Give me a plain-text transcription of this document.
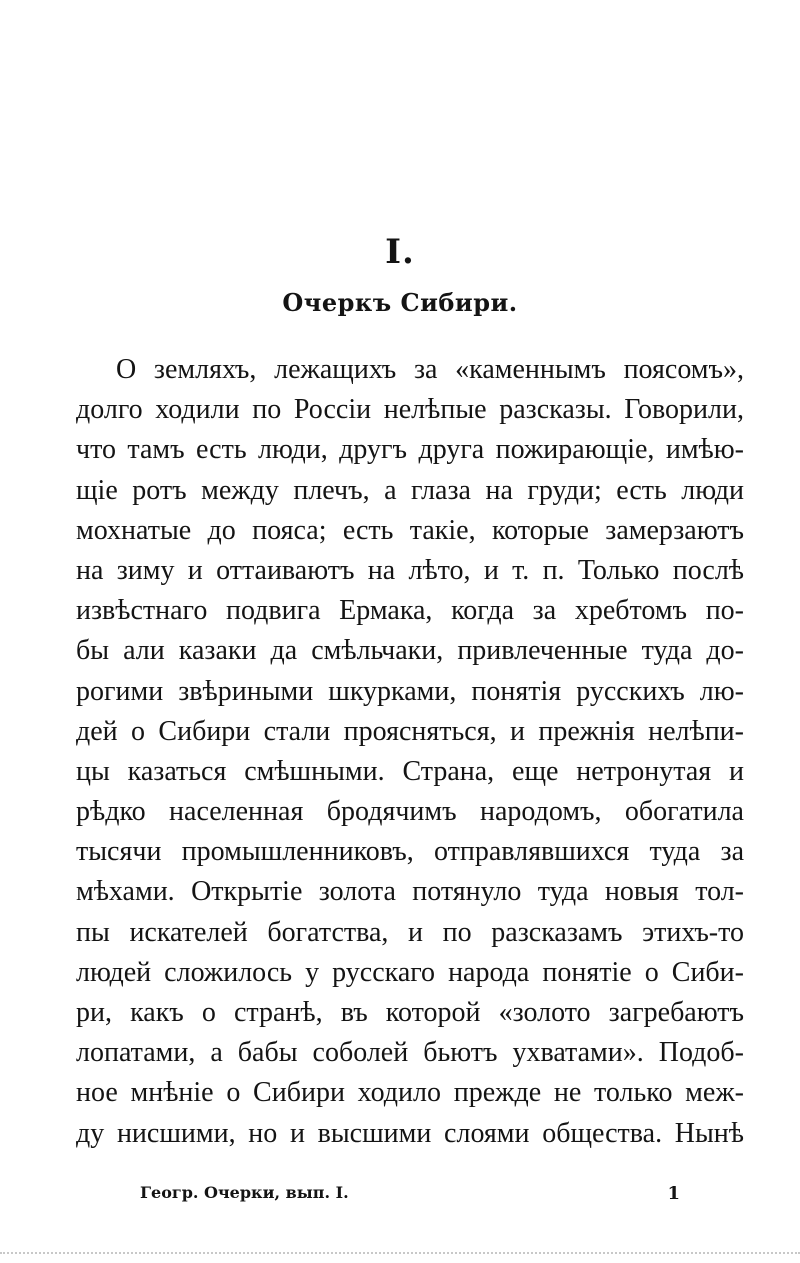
I.
Очеркъ Сибири.
О земляхъ, лежащихъ за «каменнымъ поясомъ»,
долго ходили по Россіи нелѣпые разсказы. Говорили,
что тамъ есть люди, другъ друга пожирающіе, имѣю-
щіе ротъ между плечъ, а глаза на груди; есть люди
мохнатые до пояса; есть такіе, которые замерзаютъ
на зиму и оттаиваютъ на лѣто, и т. п. Только послѣ
извѣстнаго подвига Ермака, когда за хребтомъ по-
бы али казаки да смѣльчаки, привлеченные туда до-
рогими звѣриными шкурками, понятія русскихъ лю-
дей о Сибири стали проясняться, и прежнія нелѣпи-
цы казаться смѣшными. Страна, еще нетронутая и
рѣдко населенная бродячимъ народомъ, обогатила
тысячи промышленниковъ, отправлявшихся туда за
мѣхами. Открытіе золота потянуло туда новыя тол-
пы искателей богатства, и по разсказамъ этихъ-то
людей сложилось у русскаго народа понятіе о Сиби-
ри, какъ о странѣ, въ которой «золото загребаютъ
лопатами, а бабы соболей бьютъ ухватами». Подоб-
ное мнѣніе о Сибири ходило прежде не только меж-
ду нисшими, но и высшими слоями общества. Нынѣ
Геогр. Очерки, вып. I.	1
